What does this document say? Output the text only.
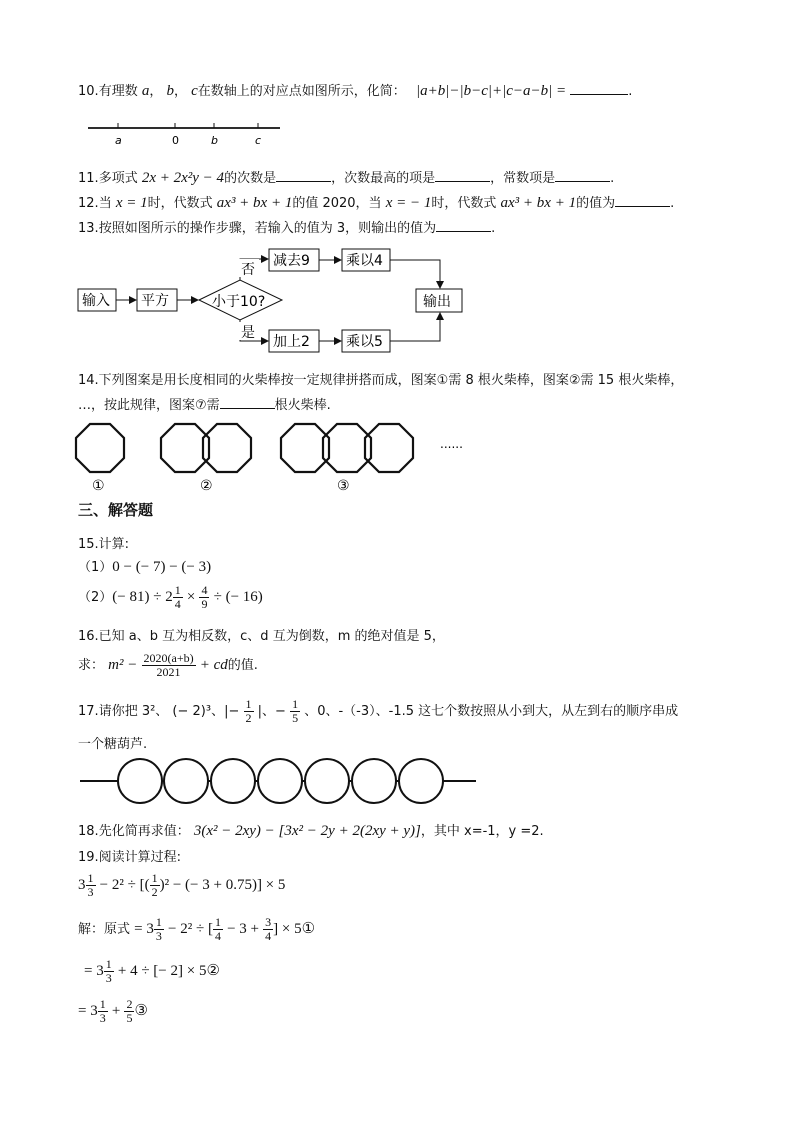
10.有理数 a， b， c在数轴上的对应点如图所示，化简： |a+b|−|b−c|+|c−a−b| =	.
a	0	b	c
11.多项式 2x + 2x²y − 4的次数是	，次数最高的项是	，常数项是	.
12.当 x = 1时，代数式 ax³ + bx + 1的值 2020，当 x = − 1时，代数式 ax³ + bx + 1的值为	.
13.按照如图所示的操作步骤，若输入的值为 3，则输出的值为	.
输入 平方	小于10?
否
减去9	乘以4
是
加上2	乘以5
输出
14.下列图案是用长度相同的火柴棒按一定规律拼搭而成，图案①需 8 根火柴棒，图案②需 15 根火柴棒，
…，按此规律，图案⑦需	根火柴棒.
......
①	②	③
三、解答题
15.计算:
（1）0 − (− 7) − (− 3)
$(2)(- 81) \div 2 \frac{1}{4} \times \frac{4}{9}$ ÷ (− 16)
16.已知 a、b 互为相反数，c、d 互为倒数，m 的绝对值是 5，
求： $m^2 - \frac{2020(a+b)}{2021}$ + cd的值.
17.请你把 3²、 (− 2)³、|− $\frac{1}{2}$ |、− $\frac{1}{5}$ 、0、-（-3）、-1.5 这七个数按照从小到大，从左到右的顺序串成
一个糖葫芦.
18.先化简再求值： 3(x² − 2xy) − [3x² − 2y + 2(2xy + y)]，其中 x=-1，y =2.
19.阅读计算过程:
$3 \frac{1}{3} - 2^2$ ÷ [( $\frac{1}{2} )^2$ − (− 3 + 0.75)] × 5
解：原式 = $3 \frac{1}{3} - 2^2$ ÷ [ $\frac{1}{4} - 3 + \frac{3}{4}$ ] × 5①
= $3 \frac{1}{3} + 4$ ÷ [− 2] × 5②
= $3 \frac{1}{3} + \frac{2}{5}$ ③
